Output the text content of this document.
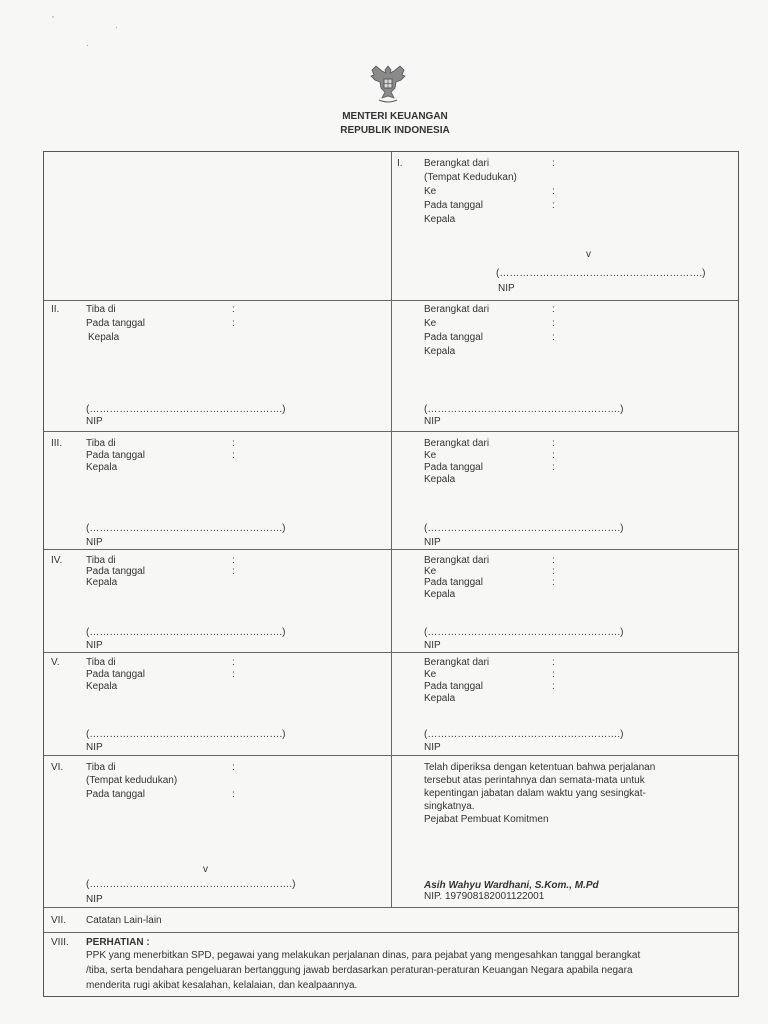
'	.
.
MENTERI KEUANGAN
REPUBLIK INDONESIA
I. Berangkat dari	:
(Tempat Kedudukan)
Ke	:
Pada tanggal	:
Kepala
v
(…………………………………………………….)
NIP
II.	Tiba di	:
Pada tanggal	:
Kepala
(………………………………………………….)
NIP
Berangkat dari	:
Ke	:
Pada tanggal	:
Kepala
(………………………………………………….)
NIP
III. Tiba di	:
Pada tanggal	:
Kepala
(………………………………………………….)
NIP
Berangkat dari	:
Ke	:
Pada tanggal	:
Kepala
(………………………………………………….)
NIP
IV. Tiba di	:
Pada tanggal	:
Kepala
(………………………………………………….)
NIP
Berangkat dari	:
Ke	:
Pada tanggal	:
Kepala
(………………………………………………….)
NIP
V.	Tiba di	:
Pada tanggal	:
Kepala
(………………………………………………….)
NIP
Berangkat dari	:
Ke	:
Pada tanggal	:
Kepala
(………………………………………………….)
NIP
VI. Tiba di	:
(Tempat kedudukan)
Pada tanggal	:
v
(…………………………………………………….)
NIP
Telah diperiksa dengan ketentuan bahwa perjalanan
tersebut atas perintahnya dan semata-mata untuk
kepentingan jabatan dalam waktu yang sesingkat-
singkatnya.
Pejabat Pembuat Komitmen
Asih Wahyu Wardhani, S.Kom., M.Pd
NIP. 197908182001122001
VII. Catatan Lain-lain
VIII. PERHATIAN :
PPK yang menerbitkan SPD, pegawai yang melakukan perjalanan dinas, para pejabat yang mengesahkan tanggal berangkat
/tiba, serta bendahara pengeluaran bertanggung jawab berdasarkan peraturan-peraturan Keuangan Negara apabila negara
menderita rugi akibat kesalahan, kelalaian, dan kealpaannya.
